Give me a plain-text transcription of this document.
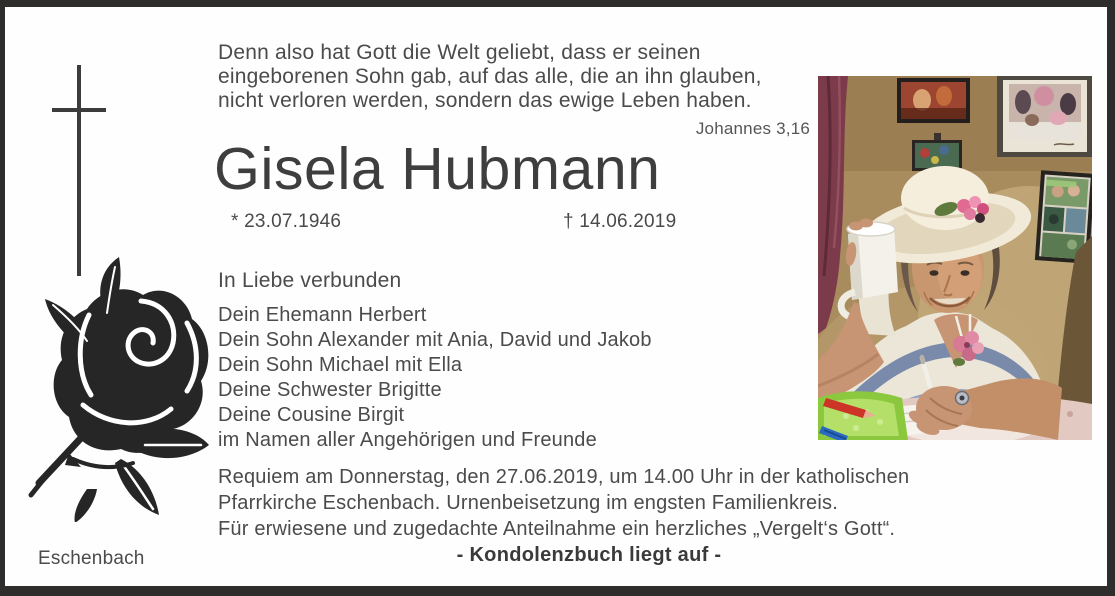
Denn also hat Gott die Welt geliebt, dass er seinen
eingeborenen Sohn gab, auf das alle, die an ihn glauben,
nicht verloren werden, sondern das ewige Leben haben.
Johannes 3,16
Gisela Hubmann
* 23.07.1946	† 14.06.2019
In Liebe verbunden
Dein Ehemann Herbert
Dein Sohn Alexander mit Ania, David und Jakob
Dein Sohn Michael mit Ella
Deine Schwester Brigitte
Deine Cousine Birgit
im Namen aller Angehörigen und Freunde
Requiem am Donnerstag, den 27.06.2019, um 14.00 Uhr in der katholischen
Pfarrkirche Eschenbach. Urnenbeisetzung im engsten Familienkreis.
Für erwiesene und zugedachte Anteilnahme ein herzliches „Vergelt‘s Gott“.
- Kondolenzbuch liegt auf -
Eschenbach
